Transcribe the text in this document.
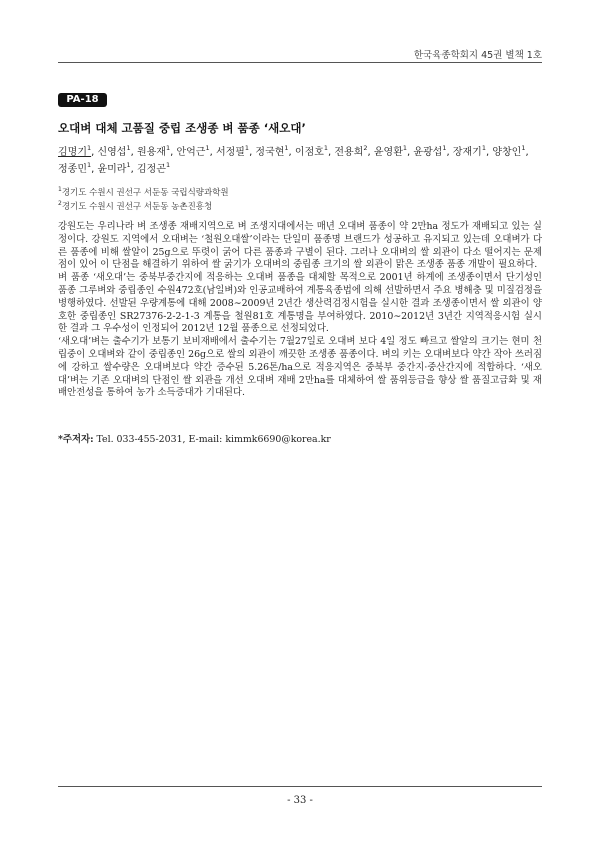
한국육종학회지 45권 별책 1호
PA-18
오대벼 대체 고품질 중립 조생종 벼 품종 ‘새오대’
김명기$^1$, 신영섭$^1$, 원용재$^1$, 안억근$^1$, 서정필$^1$, 정국현$^1$, 이점호$^1$, 전용희$^2$, 윤영환$^1$, 윤광섭$^1$, 장재기$^1$, 양창인$^1$, 정종민$^1$, 윤미라$^1$, 김정곤$^1$
$^1$경기도 수원시 권선구 서둔동 국립식량과학원
$^2$경기도 수원시 권선구 서둔동 농촌진흥청

강원도는 우리나라 벼 조생종 재배지역으로 벼 조생지대에서는 매년 오대벼 품종이 약 2만ha 정도가 재배되고 있는 실정이다. 강원도 지역에서 오대벼는 ‘철원오대쌀’이라는 단일미 품종명 브랜드가 성공하고 유지되고 있는데 오대벼가 다른 품종에 비해 쌀알이 25g으로 뚜렷이 굵어 다른 품종과 구별이 된다. 그러나 오대벼의 쌀 외관이 다소 떨어지는 문제점이 있어 이 단점을 해결하기 위하여 쌀 굵기가 오대벼의 중립종 크기의 쌀 외관이 맑은 조생종 품종 개발이 필요하다.

벼 품종 ‘새오대’는 중북부중간지에 적응하는 오대벼 품종을 대체할 목적으로 2001년 하계에 조생종이면서 단기성인 품종 그루벼와 중립종인 수원472호(남일벼)와 인공교배하여 계통육종법에 의해 선발하면서 주요 병해충 및 미질검정을 병행하였다. 선발된 우량계통에 대해 2008∼2009년 2년간 생산력검정시험을 실시한 결과 조생종이면서 쌀 외관이 양호한 중립종인 SR27376-2-2-1-3 계통을 철원81호 계통명을 부여하였다. 2010∼2012년 3년간 지역적응시험 실시한 결과 그 우수성이 인정되어 2012년 12월 품종으로 선정되었다.

‘새오대’벼는 출수기가 보통기 보비재배에서 출수기는 7월27일로 오대벼 보다 4일 정도 빠르고 쌀알의 크기는 현미 천립중이 오대벼와 같이 중립종인 26g으로 쌀의 외관이 깨끗한 조생종 품종이다. 벼의 키는 오대벼보다 약간 작아 쓰러짐에 강하고 쌀수량은 오대벼보다 약간 증수된 5.26톤/ha으로 적응지역은 중북부 중간지·중산간지에 적합하다. ‘새오대’벼는 기존 오대벼의 단점인 쌀 외관을 개선 오대벼 재배 2만ha를 대체하여 쌀 품위등급을 향상 쌀 품질고급화 및 재배안전성을 통하여 농가 소득증대가 기대된다.

*주저자: Tel. 033-455-2031, E-mail: kimmk6690@korea.kr
- 33 -
